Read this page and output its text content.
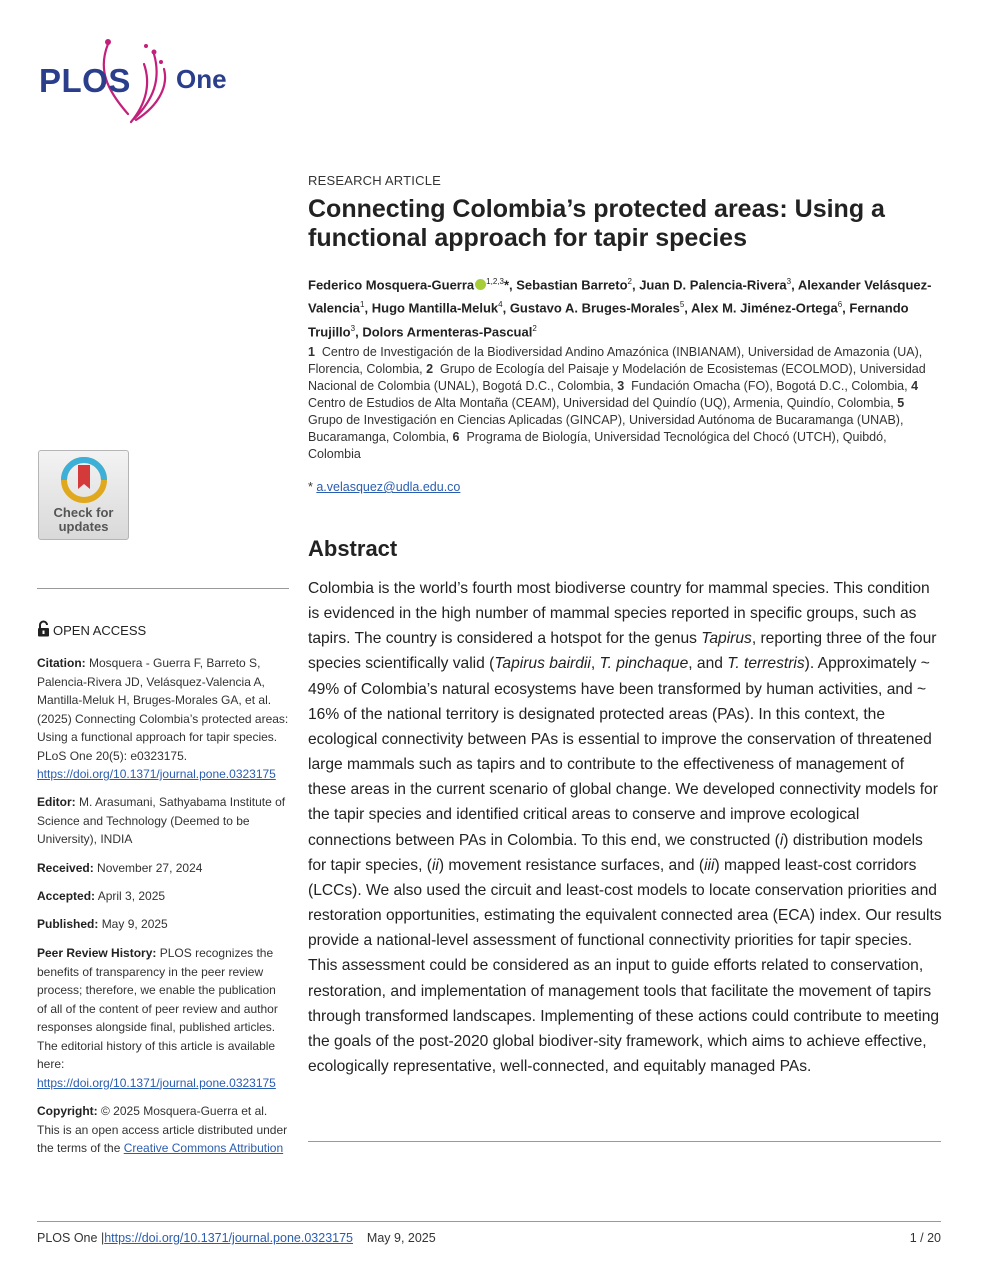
PLOS One
Check for
updates
OPEN ACCESS
Citation: Mosquera - Guerra F, Barreto S, Palencia-Rivera JD, Velásquez-Valencia A, Mantilla-Meluk H, Bruges-Morales GA, et al. (2025) Connecting Colombia’s protected areas: Using a functional approach for tapir species. PLoS One 20(5): e0323175. https://doi.org/10.1371/journal.pone.0323175
Editor: M. Arasumani, Sathyabama Institute of Science and Technology (Deemed to be University), INDIA
Received: November 27, 2024
Accepted: April 3, 2025
Published: May 9, 2025
Peer Review History: PLOS recognizes the benefits of transparency in the peer review process; therefore, we enable the publication of all of the content of peer review and author responses alongside final, published articles. The editorial history of this article is available here: https://doi.org/10.1371/journal.pone.0323175
Copyright: © 2025 Mosquera-Guerra et al. This is an open access article distributed under the terms of the Creative Commons Attribution
RESEARCH ARTICLE
Connecting Colombia’s protected areas: Using a functional approach for tapir species
Federico Mosquera-Guerra $^{1,2,3}$*, Sebastian Barreto$^2$, Juan D. Palencia-Rivera$^3$, Alexander Velásquez-Valencia$^1$, Hugo Mantilla-Meluk$^4$, Gustavo A. Bruges-Morales$^5$, Alex M. Jiménez-Ortega$^6$, Fernando Trujillo$^3$, Dolors Armenteras-Pascual$^2$
1 Centro de Investigación de la Biodiversidad Andino Amazónica (INBIANAM), Universidad de Amazonia (UA), Florencia, Colombia, 2 Grupo de Ecología del Paisaje y Modelación de Ecosistemas (ECOLMOD), Universidad Nacional de Colombia (UNAL), Bogotá D.C., Colombia, 3 Fundación Omacha (FO), Bogotá D.C., Colombia, 4  Centro de Estudios de Alta Montaña (CEAM), Universidad del Quindío (UQ), Armenia, Quindío, Colombia, 5  Grupo de Investigación en Ciencias Aplicadas (GINCAP), Universidad Autónoma de Bucaramanga (UNAB), Bucaramanga, Colombia, 6 Programa de Biología, Universidad Tecnológica del Chocó (UTCH), Quibdó, Colombia
* a.velasquez@udla.edu.co
Abstract
Colombia is the world’s fourth most biodiverse country for mammal species. This condition is evidenced in the high number of mammal species reported in specific groups, such as tapirs. The country is considered a hotspot for the genus Tapirus, reporting three of the four species scientifically valid (Tapirus bairdii, T. pinchaque, and T. terrestris). Approximately ~ 49% of Colombia’s natural ecosystems have been transformed by human activities, and ~ 16% of the national territory is designated protected areas (PAs). In this context, the ecological connectivity between PAs is essential to improve the conservation of threatened large mammals such as tapirs and to contribute to the effectiveness of management of these areas in the current scenario of global change. We developed connectivity models for the tapir species and identified critical areas to conserve and improve ecological connections between PAs in Colombia. To this end, we constructed (i) distribution models for tapir species, (ii) movement resistance surfaces, and (iii) mapped least-cost corridors (LCCs). We also used the circuit and least-cost models to locate conservation priorities and restoration opportunities, estimating the equivalent connected area (ECA) index. Our results provide a national-level assessment of functional connectivity priorities for tapir species. This assessment could be considered as an input to guide efforts related to conservation, restoration, and implementation of management tools that facilitate the movement of tapirs through transformed landscapes. Implementing of these actions could contribute to meeting the goals of the post-2020 global biodiver-sity framework, which aims to achieve effective, ecologically representative, well-connected, and equitably managed PAs.
PLOS One |https://doi.org/10.1371/journal.pone.0323175 May 9, 2025	1 / 20
